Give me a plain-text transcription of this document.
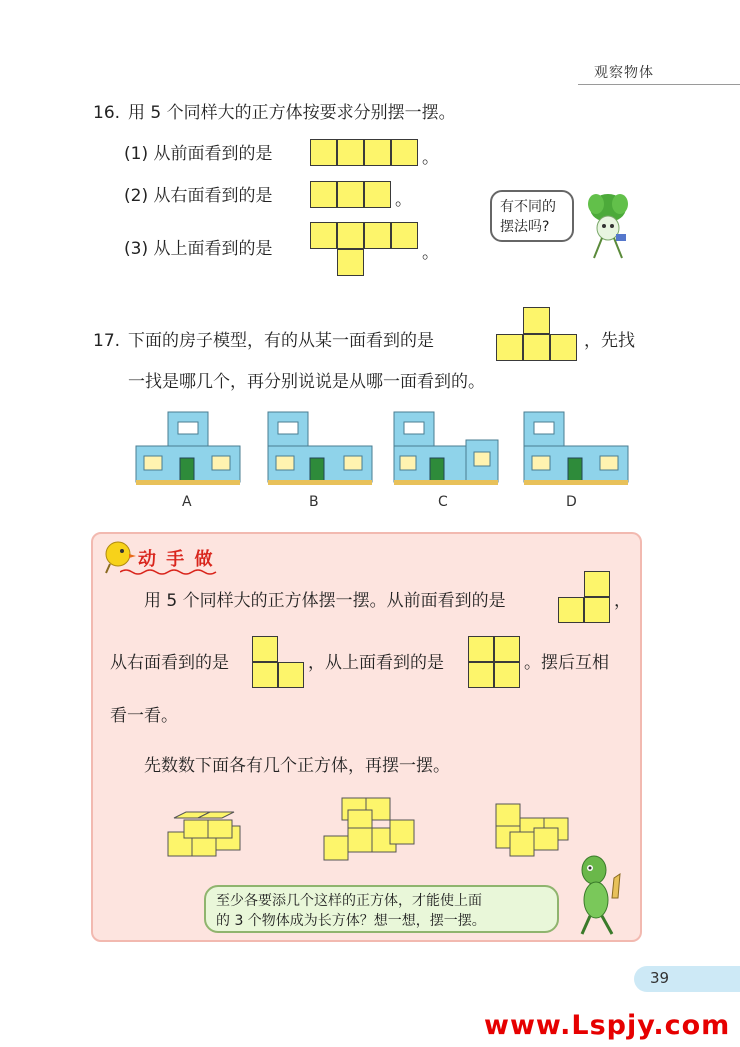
观察物体
16. 用 5 个同样大的正方体按要求分别摆一摆。
(1) 从前面看到的是	。
(2) 从右面看到的是	。
(3) 从上面看到的是	。
有不同的
摆法吗?
17. 下面的房子模型，有的从某一面看到的是	，先找
一找是哪几个，再分别说说是从哪一面看到的。
A	B	C	D
动 手 做
用 5 个同样大的正方体摆一摆。从前面看到的是	，
从右面看到的是	，从上面看到的是	。摆后互相
看一看。
先数数下面各有几个正方体，再摆一摆。
至少各要添几个这样的正方体，才能使上面
的 3 个物体成为长方体？想一想，摆一摆。
39
www.Lspjy.com
